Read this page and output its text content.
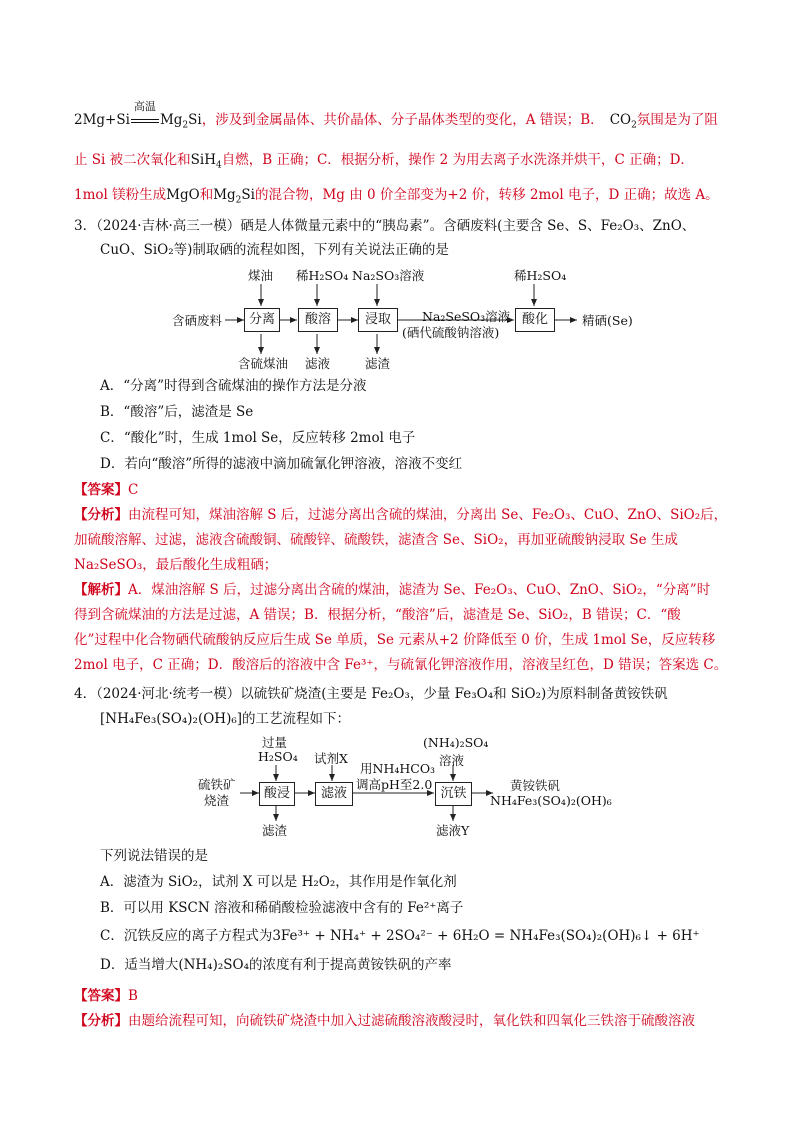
2Mg+Si
高温
$Mg_2Si$，涉及到金属晶体、共价晶体、分子晶体类型的变化，A 错误；B． $CO_2$氛围是为了阻
止 Si 被二次氧化和SiH$_4$自燃，B 正确；C．根据分析，操作 2 为用去离子水洗涤并烘干，C 正确；D．
1mol 镁粉生成MgO和$Mg_2Si$的混合物，Mg 由 0 价全部变为+2 价，转移 2mol 电子，D 正确；故选 A。
3．（2024·吉林·高三一模）硒是人体微量元素中的“胰岛素”。含硒废料(主要含 Se、S、Fe₂O₃、ZnO、
CuO、SiO₂等)制取硒的流程如图，下列有关说法正确的是
含硒废料	分离	酸溶	浸取	酸化
煤油 稀H₂SO₄ Na₂SO₃溶液	稀H₂SO₄
含硫煤油 滤液	滤渣
Na₂SeSO₃溶液
(硒代硫酸钠溶液)
精硒(Se)
A．“分离”时得到含硫煤油的操作方法是分液
B．“酸溶”后，滤渣是 Se
C．“酸化”时，生成 1mol Se，反应转移 2mol 电子
D．若向“酸溶”所得的滤液中滴加硫氰化钾溶液，溶液不变红
【答案】C
【分析】由流程可知，煤油溶解 S 后，过滤分离出含硫的煤油，分离出 Se、Fe₂O₃、CuO、ZnO、SiO₂后，
加硫酸溶解、过滤，滤液含硫酸铜、硫酸锌、硫酸铁，滤渣含 Se、SiO₂，再加亚硫酸钠浸取 Se 生成
Na₂SeSO₃，最后酸化生成粗硒；
【解析】A．煤油溶解 S 后，过滤分离出含硫的煤油，滤渣为 Se、Fe₂O₃、CuO、ZnO、SiO₂，“分离”时
得到含硫煤油的方法是过滤，A 错误；B．根据分析，“酸溶”后，滤渣是 Se、SiO₂，B 错误；C．“酸
化”过程中化合物硒代硫酸钠反应后生成 Se 单质，Se 元素从+2 价降低至 0 价，生成 1mol Se，反应转移
2mol 电子，C 正确；D．酸溶后的溶液中含 Fe³⁺，与硫氰化钾溶液作用，溶液呈红色，D 错误；答案选 C。
4．（2024·河北·统考一模）以硫铁矿烧渣(主要是 Fe₂O₃，少量 Fe₃O₄和 SiO₂)为原料制备黄铵铁矾
[NH₄Fe₃(SO₄)₂(OH)₆]的工艺流程如下：
硫铁矿
烧渣	酸浸	滤液	沉铁
过量
H₂SO₄ 试剂X
用NH₄HCO₃
调高pH至2.0
(NH₄)₂SO₄
溶液
滤渣	滤液Y
黄铵铁矾
NH₄Fe₃(SO₄)₂(OH)₆
下列说法错误的是
A．滤渣为 SiO₂，试剂 X 可以是 H₂O₂，其作用是作氧化剂
B．可以用 KSCN 溶液和稀硝酸检验滤液中含有的 Fe²⁺离子
C．沉铁反应的离子方程式为3Fe³⁺ + NH₄⁺ + 2SO₄²⁻ + 6H₂O = NH₄Fe₃(SO₄)₂(OH)₆↓ + 6H⁺
D．适当增大(NH₄)₂SO₄的浓度有利于提高黄铵铁矾的产率
【答案】B
【分析】由题给流程可知，向硫铁矿烧渣中加入过滤硫酸溶液酸浸时，氧化铁和四氧化三铁溶于硫酸溶液
